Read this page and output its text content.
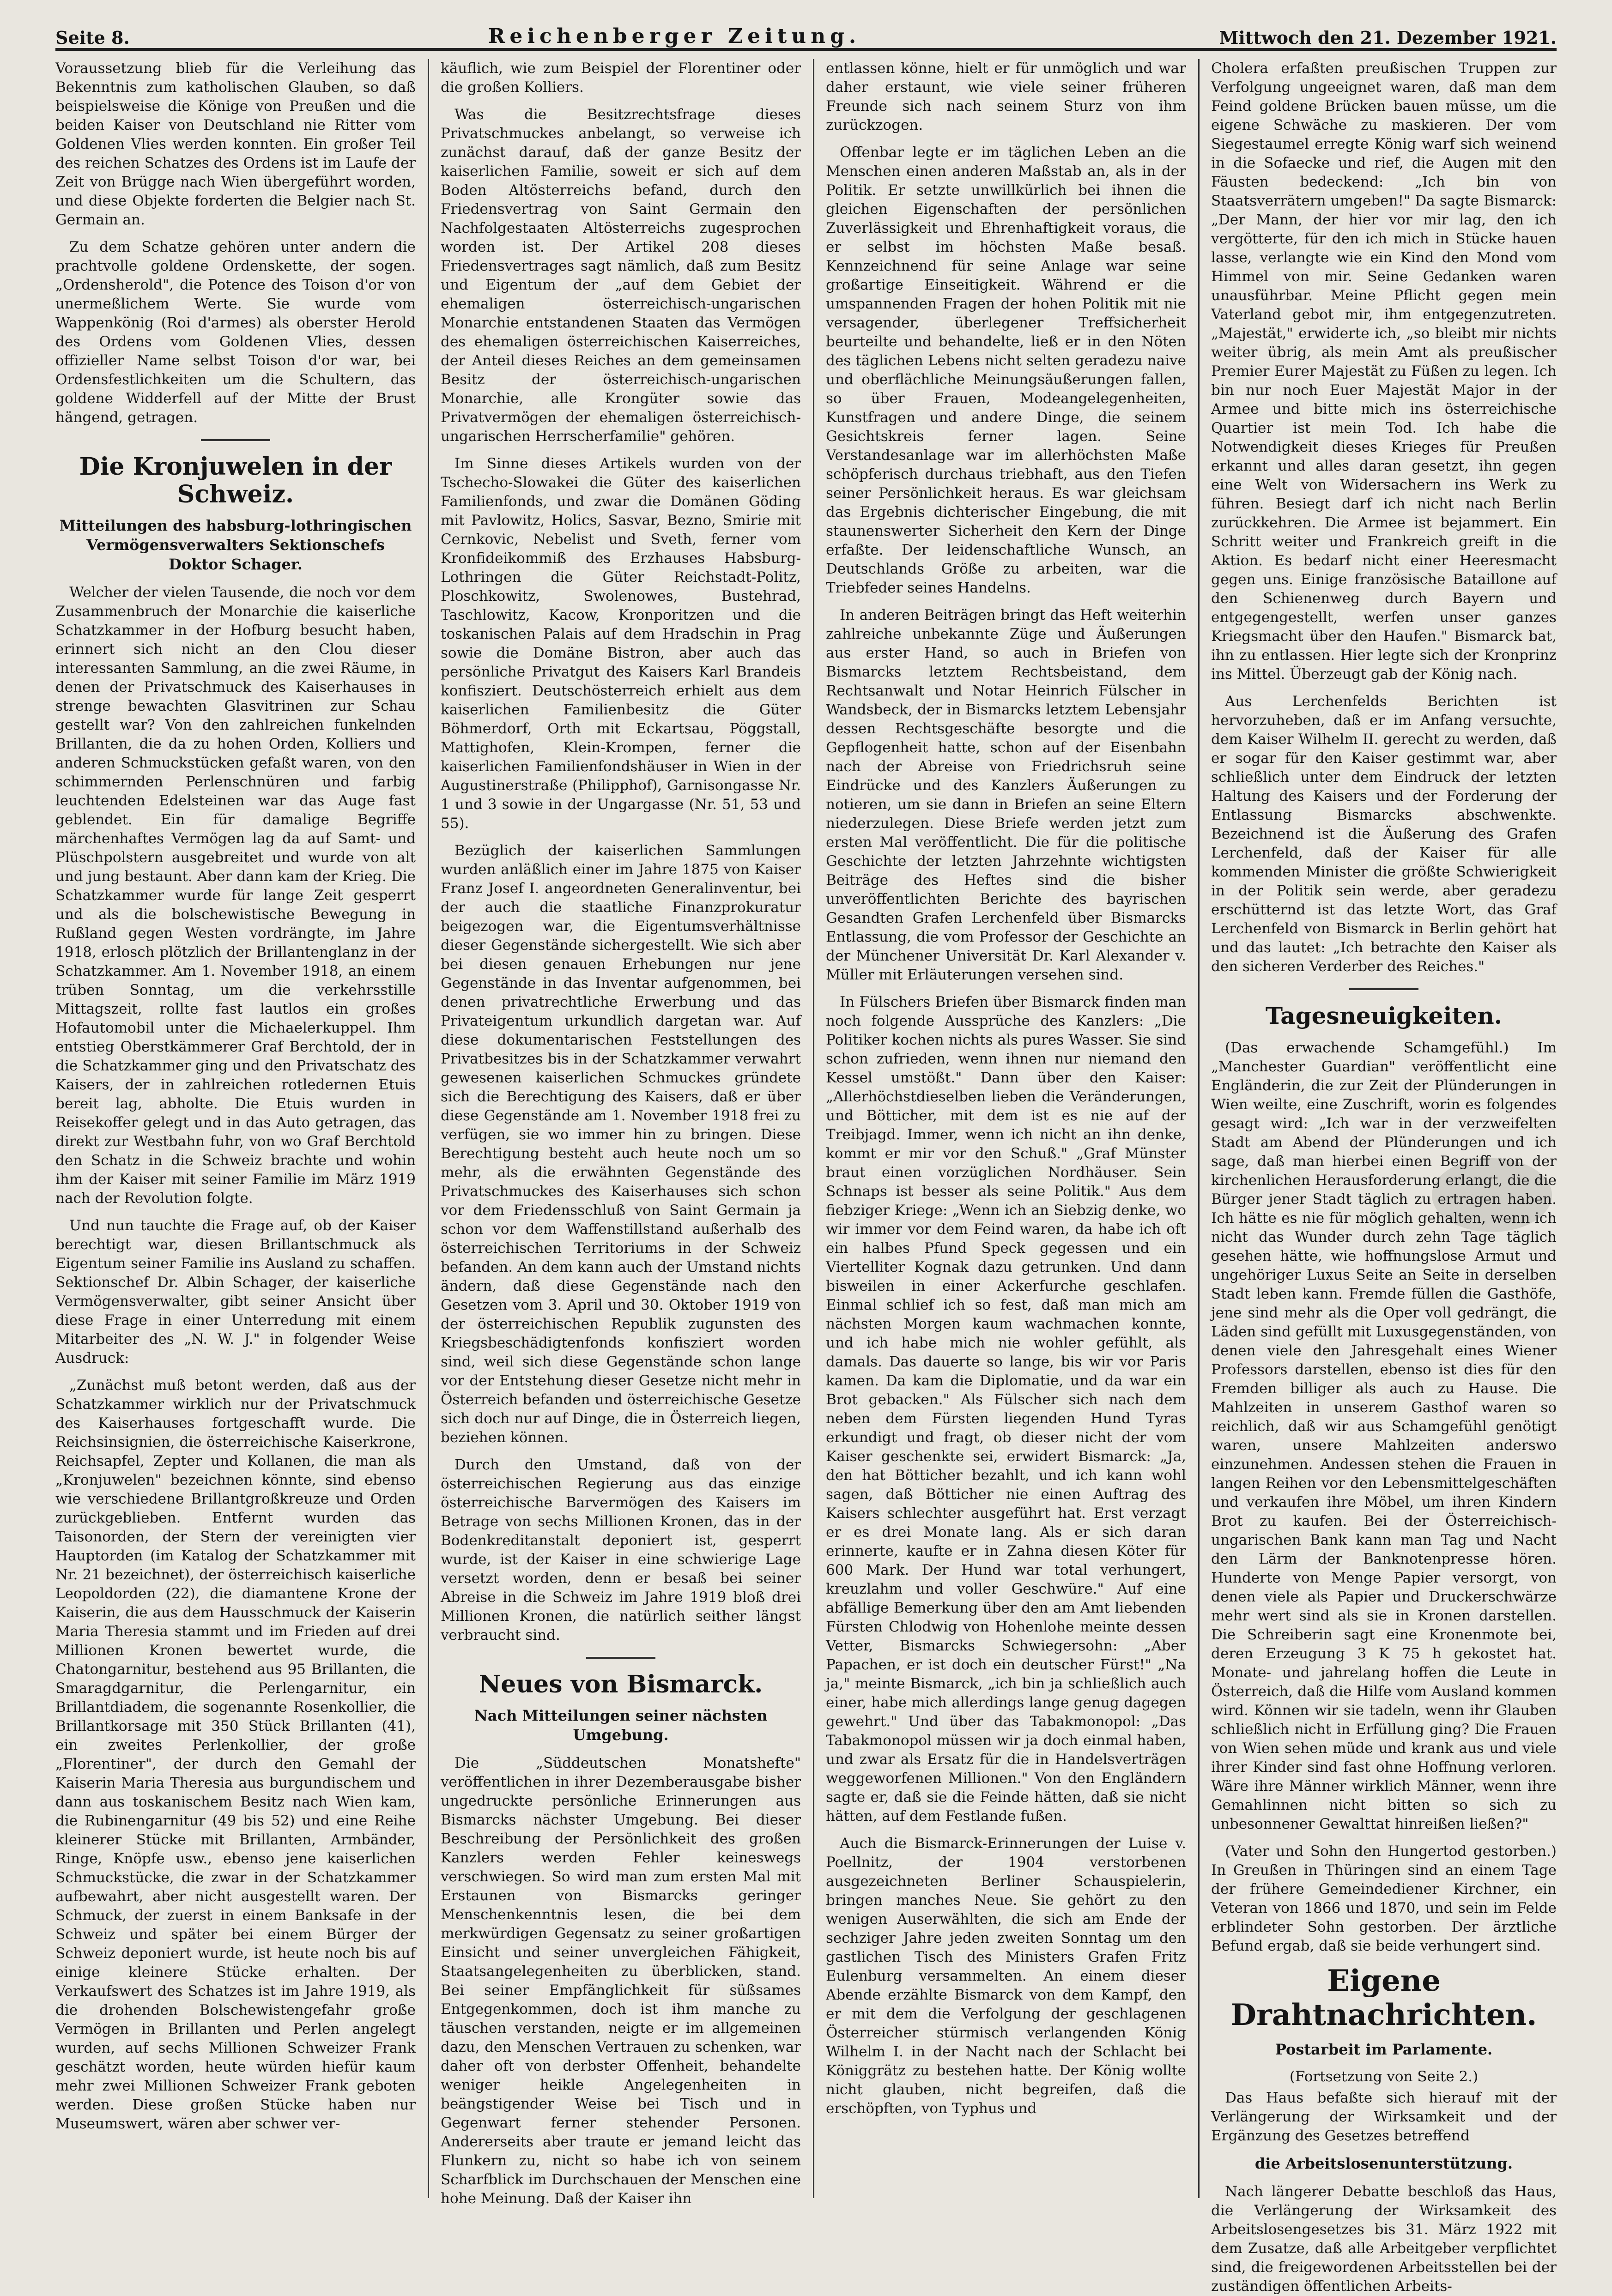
Seite 8.	Reichenberger Zeitung.	Mittwoch den 21. Dezember 1921.

Voraussetzung blieb für die Verleihung das Bekenntnis zum katholischen Glauben, so daß beispielsweise die Könige von Preußen und die beiden Kaiser von Deutschland nie Ritter vom Goldenen Vlies werden konnten. Ein großer Teil des reichen Schatzes des Ordens ist im Laufe der Zeit von Brügge nach Wien übergeführt worden, und diese Objekte forderten die Belgier nach St. Germain an.

Zu dem Schatze gehören unter andern die prachtvolle goldene Ordenskette, der sogen. „Ordensherold", die Potence des Toison d'or von unermeßlichem Werte. Sie wurde vom Wappenkönig (Roi d'armes) als oberster Herold des Ordens vom Goldenen Vlies, dessen offizieller Name selbst Toison d'or war, bei Ordensfestlichkeiten um die Schultern, das goldene Widderfell auf der Mitte der Brust hängend, getragen.

Die Kronjuwelen in der Schweiz.
Mitteilungen des habsburg-lothringischen Vermögensverwalters Sektionschefs Doktor Schager.

Welcher der vielen Tausende, die noch vor dem Zusammenbruch der Monarchie die kaiserliche Schatzkammer in der Hofburg besucht haben, erinnert sich nicht an den Clou dieser interessanten Sammlung, an die zwei Räume, in denen der Privatschmuck des Kaiserhauses in strenge bewachten Glasvitrinen zur Schau gestellt war? Von den zahlreichen funkelnden Brillanten, die da zu hohen Orden, Kolliers und anderen Schmuckstücken gefaßt waren, von den schimmernden Perlenschnüren und farbig leuchtenden Edelsteinen war das Auge fast geblendet. Ein für damalige Begriffe märchenhaftes Vermögen lag da auf Samt- und Plüschpolstern ausgebreitet und wurde von alt und jung bestaunt. Aber dann kam der Krieg. Die Schatzkammer wurde für lange Zeit gesperrt und als die bolschewistische Bewegung in Rußland gegen Westen vordrängte, im Jahre 1918, erlosch plötzlich der Brillantenglanz in der Schatzkammer. Am 1. November 1918, an einem trüben Sonntag, um die verkehrsstille Mittagszeit, rollte fast lautlos ein großes Hofautomobil unter die Michaelerkuppel. Ihm entstieg Oberstkämmerer Graf Berchtold, der in die Schatzkammer ging und den Privatschatz des Kaisers, der in zahlreichen rotledernen Etuis bereit lag, abholte. Die Etuis wurden in Reisekoffer gelegt und in das Auto getragen, das direkt zur Westbahn fuhr, von wo Graf Berchtold den Schatz in die Schweiz brachte und wohin ihm der Kaiser mit seiner Familie im März 1919 nach der Revolution folgte.

Und nun tauchte die Frage auf, ob der Kaiser berechtigt war, diesen Brillantschmuck als Eigentum seiner Familie ins Ausland zu schaffen. Sektionschef Dr. Albin Schager, der kaiserliche Vermögensverwalter, gibt seiner Ansicht über diese Frage in einer Unterredung mit einem Mitarbeiter des „N. W. J." in folgender Weise Ausdruck:

„Zunächst muß betont werden, daß aus der Schatzkammer wirklich nur der Privatschmuck des Kaiserhauses fortgeschafft wurde. Die Reichsinsignien, die österreichische Kaiserkrone, Reichsapfel, Zepter und Kollanen, die man als „Kronjuwelen" bezeichnen könnte, sind ebenso wie verschiedene Brillantgroßkreuze und Orden zurückgeblieben. Entfernt wurden das Taisonorden, der Stern der vereinigten vier Hauptorden (im Katalog der Schatzkammer mit Nr. 21 bezeichnet), der österreichisch kaiserliche Leopoldorden (22), die diamantene Krone der Kaiserin, die aus dem Hausschmuck der Kaiserin Maria Theresia stammt und im Frieden auf drei Millionen Kronen bewertet wurde, die Chatongarnitur, bestehend aus 95 Brillanten, die Smaragdgarnitur, die Perlengarnitur, ein Brillantdiadem, die sogenannte Rosenkollier, die Brillantkorsage mit 350 Stück Brillanten (41), ein zweites Perlenkollier, der große „Florentiner", der durch den Gemahl der Kaiserin Maria Theresia aus burgundischem und dann aus toskanischem Besitz nach Wien kam, die Rubinengarnitur (49 bis 52) und eine Reihe kleinerer Stücke mit Brillanten, Armbänder, Ringe, Knöpfe usw., ebenso jene kaiserlichen Schmuckstücke, die zwar in der Schatzkammer aufbewahrt, aber nicht ausgestellt waren. Der Schmuck, der zuerst in einem Banksafe in der Schweiz und später bei einem Bürger der Schweiz deponiert wurde, ist heute noch bis auf einige kleinere Stücke erhalten. Der Verkaufswert des Schatzes ist im Jahre 1919, als die drohenden Bolschewistengefahr große Vermögen in Brillanten und Perlen angelegt wurden, auf sechs Millionen Schweizer Frank geschätzt worden, heute würden hiefür kaum mehr zwei Millionen Schweizer Frank geboten werden. Diese großen Stücke haben nur Museumswert, wären aber schwer ver-

käuflich, wie zum Beispiel der Florentiner oder die großen Kolliers.

Was die Besitzrechtsfrage dieses Privatschmuckes anbelangt, so verweise ich zunächst darauf, daß der ganze Besitz der kaiserlichen Familie, soweit er sich auf dem Boden Altösterreichs befand, durch den Friedensvertrag von Saint Germain den Nachfolgestaaten Altösterreichs zugesprochen worden ist. Der Artikel 208 dieses Friedensvertrages sagt nämlich, daß zum Besitz und Eigentum der „auf dem Gebiet der ehemaligen österreichisch-ungarischen Monarchie entstandenen Staaten das Vermögen des ehemaligen österreichischen Kaiserreiches, der Anteil dieses Reiches an dem gemeinsamen Besitz der österreichisch-ungarischen Monarchie, alle Krongüter sowie das Privatvermögen der ehemaligen österreichisch-ungarischen Herrscherfamilie" gehören.

Im Sinne dieses Artikels wurden von der Tschecho-Slowakei die Güter des kaiserlichen Familienfonds, und zwar die Domänen Göding mit Pavlowitz, Holics, Sasvar, Bezno, Smirie mit Cernkovic, Nebelist und Sveth, ferner vom Kronfideikommiß des Erzhauses Habsburg-Lothringen die Güter Reichstadt-Politz, Ploschkowitz, Swolenowes, Bustehrad, Taschlowitz, Kacow, Kronporitzen und die toskanischen Palais auf dem Hradschin in Prag sowie die Domäne Bistron, aber auch das persönliche Privatgut des Kaisers Karl Brandeis konfisziert. Deutschösterreich erhielt aus dem kaiserlichen Familienbesitz die Güter Böhmerdorf, Orth mit Eckartsau, Pöggstall, Mattighofen, Klein-Krompen, ferner die kaiserlichen Familienfondshäuser in Wien in der Augustinerstraße (Philipphof), Garnisongasse Nr. 1 und 3 sowie in der Ungargasse (Nr. 51, 53 und 55).

Bezüglich der kaiserlichen Sammlungen wurden anläßlich einer im Jahre 1875 von Kaiser Franz Josef I. angeordneten Generalinventur, bei der auch die staatliche Finanzprokuratur beigezogen war, die Eigentumsverhältnisse dieser Gegenstände sichergestellt. Wie sich aber bei diesen genauen Erhebungen nur jene Gegenstände in das Inventar aufgenommen, bei denen privatrechtliche Erwerbung und das Privateigentum urkundlich dargetan war. Auf diese dokumentarischen Feststellungen des Privatbesitzes bis in der Schatzkammer verwahrt gewesenen kaiserlichen Schmuckes gründete sich die Berechtigung des Kaisers, daß er über diese Gegenstände am 1. November 1918 frei zu verfügen, sie wo immer hin zu bringen. Diese Berechtigung besteht auch heute noch um so mehr, als die erwähnten Gegenstände des Privatschmuckes des Kaiserhauses sich schon vor dem Friedensschluß von Saint Germain ja schon vor dem Waffenstillstand außerhalb des österreichischen Territoriums in der Schweiz befanden. An dem kann auch der Umstand nichts ändern, daß diese Gegenstände nach den Gesetzen vom 3. April und 30. Oktober 1919 von der österreichischen Republik zugunsten des Kriegsbeschädigtenfonds konfisziert worden sind, weil sich diese Gegenstände schon lange vor der Entstehung dieser Gesetze nicht mehr in Österreich befanden und österreichische Gesetze sich doch nur auf Dinge, die in Österreich liegen, beziehen können.

Durch den Umstand, daß von der österreichischen Regierung aus das einzige österreichische Barvermögen des Kaisers im Betrage von sechs Millionen Kronen, das in der Bodenkreditanstalt deponiert ist, gesperrt wurde, ist der Kaiser in eine schwierige Lage versetzt worden, denn er besaß bei seiner Abreise in die Schweiz im Jahre 1919 bloß drei Millionen Kronen, die natürlich seither längst verbraucht sind.

Neues von Bismarck.
Nach Mitteilungen seiner nächsten Umgebung.

Die „Süddeutschen Monatshefte" veröffentlichen in ihrer Dezemberausgabe bisher ungedruckte persönliche Erinnerungen aus Bismarcks nächster Umgebung. Bei dieser Beschreibung der Persönlichkeit des großen Kanzlers werden Fehler keineswegs verschwiegen. So wird man zum ersten Mal mit Erstaunen von Bismarcks geringer Menschenkenntnis lesen, die bei dem merkwürdigen Gegensatz zu seiner großartigen Einsicht und seiner unvergleichen Fähigkeit, Staatsangelegenheiten zu überblicken, stand. Bei seiner Empfänglichkeit für süßsames Entgegenkommen, doch ist ihm manche zu täuschen verstanden, neigte er im allgemeinen dazu, den Menschen Vertrauen zu schenken, war daher oft von derbster Offenheit, behandelte weniger heikle Angelegenheiten in beängstigender Weise bei Tisch und in Gegenwart ferner stehender Personen. Andererseits aber traute er jemand leicht das Flunkern zu, nicht so habe ich von seinem Scharfblick im Durchschauen der Menschen eine hohe Meinung. Daß der Kaiser ihn

entlassen könne, hielt er für unmöglich und war daher erstaunt, wie viele seiner früheren Freunde sich nach seinem Sturz von ihm zurückzogen.

Offenbar legte er im täglichen Leben an die Menschen einen anderen Maßstab an, als in der Politik. Er setzte unwillkürlich bei ihnen die gleichen Eigenschaften der persönlichen Zuverlässigkeit und Ehrenhaftigkeit voraus, die er selbst im höchsten Maße besaß. Kennzeichnend für seine Anlage war seine großartige Einseitigkeit. Während er die umspannenden Fragen der hohen Politik mit nie versagender, überlegener Treffsicherheit beurteilte und behandelte, ließ er in den Nöten des täglichen Lebens nicht selten geradezu naive und oberflächliche Meinungsäußerungen fallen, so über Frauen, Modeangelegenheiten, Kunstfragen und andere Dinge, die seinem Gesichtskreis ferner lagen. Seine Verstandesanlage war im allerhöchsten Maße schöpferisch durchaus triebhaft, aus den Tiefen seiner Persönlichkeit heraus. Es war gleichsam das Ergebnis dichterischer Eingebung, die mit staunenswerter Sicherheit den Kern der Dinge erfaßte. Der leidenschaftliche Wunsch, an Deutschlands Größe zu arbeiten, war die Triebfeder seines Handelns.

In anderen Beiträgen bringt das Heft weiterhin zahlreiche unbekannte Züge und Äußerungen aus erster Hand, so auch in Briefen von Bismarcks letztem Rechtsbeistand, dem Rechtsanwalt und Notar Heinrich Fülscher in Wandsbeck, der in Bismarcks letztem Lebensjahr dessen Rechtsgeschäfte besorgte und die Gepflogenheit hatte, schon auf der Eisenbahn nach der Abreise von Friedrichsruh seine Eindrücke und des Kanzlers Äußerungen zu notieren, um sie dann in Briefen an seine Eltern niederzulegen. Diese Briefe werden jetzt zum ersten Mal veröffentlicht. Die für die politische Geschichte der letzten Jahrzehnte wichtigsten Beiträge des Heftes sind die bisher unveröffentlichten Berichte des bayrischen Gesandten Grafen Lerchenfeld über Bismarcks Entlassung, die vom Professor der Geschichte an der Münchener Universität Dr. Karl Alexander v. Müller mit Erläuterungen versehen sind.

In Fülschers Briefen über Bismarck finden man noch folgende Aussprüche des Kanzlers: „Die Politiker kochen nichts als pures Wasser. Sie sind schon zufrieden, wenn ihnen nur niemand den Kessel umstößt." Dann über den Kaiser: „Allerhöchstdieselben lieben die Veränderungen, und Bötticher, mit dem ist es nie auf der Treibjagd. Immer, wenn ich nicht an ihn denke, kommt er mir vor den Schuß." „Graf Münster braut einen vorzüglichen Nordhäuser. Sein Schnaps ist besser als seine Politik." Aus dem fiebziger Kriege: „Wenn ich an Siebzig denke, wo wir immer vor dem Feind waren, da habe ich oft ein halbes Pfund Speck gegessen und ein Viertelliter Kognak dazu getrunken. Und dann bisweilen in einer Ackerfurche geschlafen. Einmal schlief ich so fest, daß man mich am nächsten Morgen kaum wachmachen konnte, und ich habe mich nie wohler gefühlt, als damals. Das dauerte so lange, bis wir vor Paris kamen. Da kam die Diplomatie, und da war ein Brot gebacken." Als Fülscher sich nach dem neben dem Fürsten liegenden Hund Tyras erkundigt und fragt, ob dieser nicht der vom Kaiser geschenkte sei, erwidert Bismarck: „Ja, den hat Bötticher bezahlt, und ich kann wohl sagen, daß Bötticher nie einen Auftrag des Kaisers schlechter ausgeführt hat. Erst verzagt er es drei Monate lang. Als er sich daran erinnerte, kaufte er in Zahna diesen Köter für 600 Mark. Der Hund war total verhungert, kreuzlahm und voller Geschwüre." Auf eine abfällige Bemerkung über den am Amt liebenden Fürsten Chlodwig von Hohenlohe meinte dessen Vetter, Bismarcks Schwiegersohn: „Aber Papachen, er ist doch ein deutscher Fürst!" „Na ja," meinte Bismarck, „ich bin ja schließlich auch einer, habe mich allerdings lange genug dagegen gewehrt." Und über das Tabakmonopol: „Das Tabakmonopol müssen wir ja doch einmal haben, und zwar als Ersatz für die in Handelsverträgen weggeworfenen Millionen." Von den Engländern sagte er, daß sie die Feinde hätten, daß sie nicht hätten, auf dem Festlande fußen.

Auch die Bismarck-Erinnerungen der Luise v. Poellnitz, der 1904 verstorbenen ausgezeichneten Berliner Schauspielerin, bringen manches Neue. Sie gehört zu den wenigen Auserwählten, die sich am Ende der sechziger Jahre jeden zweiten Sonntag um den gastlichen Tisch des Ministers Grafen Fritz Eulenburg versammelten. An einem dieser Abende erzählte Bismarck von dem Kampf, den er mit dem die Verfolgung der geschlagenen Österreicher stürmisch verlangenden König Wilhelm I. in der Nacht nach der Schlacht bei Königgrätz zu bestehen hatte. Der König wollte nicht glauben, nicht begreifen, daß die erschöpften, von Typhus und

Cholera erfaßten preußischen Truppen zur Verfolgung ungeeignet waren, daß man dem Feind goldene Brücken bauen müsse, um die eigene Schwäche zu maskieren. Der vom Siegestaumel erregte König warf sich weinend in die Sofaecke und rief, die Augen mit den Fäusten bedeckend: „Ich bin von Staatsverrätern umgeben!" Da sagte Bismarck: „Der Mann, der hier vor mir lag, den ich vergötterte, für den ich mich in Stücke hauen lasse, verlangte wie ein Kind den Mond vom Himmel von mir. Seine Gedanken waren unausführbar. Meine Pflicht gegen mein Vaterland gebot mir, ihm entgegenzutreten. „Majestät," erwiderte ich, „so bleibt mir nichts weiter übrig, als mein Amt als preußischer Premier Eurer Majestät zu Füßen zu legen. Ich bin nur noch Euer Majestät Major in der Armee und bitte mich ins österreichische Quartier ist mein Tod. Ich habe die Notwendigkeit dieses Krieges für Preußen erkannt und alles daran gesetzt, ihn gegen eine Welt von Widersachern ins Werk zu führen. Besiegt darf ich nicht nach Berlin zurückkehren. Die Armee ist bejammert. Ein Schritt weiter und Frankreich greift in die Aktion. Es bedarf nicht einer Heeresmacht gegen uns. Einige französische Bataillone auf den Schienenweg durch Bayern und entgegengestellt, werfen unser ganzes Kriegsmacht über den Haufen." Bismarck bat, ihn zu entlassen. Hier legte sich der Kronprinz ins Mittel. Überzeugt gab der König nach.

Aus Lerchenfelds Berichten ist hervorzuheben, daß er im Anfang versuchte, dem Kaiser Wilhelm II. gerecht zu werden, daß er sogar für den Kaiser gestimmt war, aber schließlich unter dem Eindruck der letzten Haltung des Kaisers und der Forderung der Entlassung Bismarcks abschwenkte. Bezeichnend ist die Äußerung des Grafen Lerchenfeld, daß der Kaiser für alle kommenden Minister die größte Schwierigkeit in der Politik sein werde, aber geradezu erschütternd ist das letzte Wort, das Graf Lerchenfeld von Bismarck in Berlin gehört hat und das lautet: „Ich betrachte den Kaiser als den sicheren Verderber des Reiches."

Tagesneuigkeiten.

(Das erwachende Schamgefühl.) Im „Manchester Guardian" veröffentlicht eine Engländerin, die zur Zeit der Plünderungen in Wien weilte, eine Zuschrift, worin es folgendes gesagt wird: „Ich war in der verzweifelten Stadt am Abend der Plünderungen und ich sage, daß man hierbei einen Begriff von der kirchenlichen Herausforderung erlangt, die die Bürger jener Stadt täglich zu ertragen haben. Ich hätte es nie für möglich gehalten, wenn ich nicht das Wunder durch zehn Tage täglich gesehen hätte, wie hoffnungslose Armut und ungehöriger Luxus Seite an Seite in derselben Stadt leben kann. Fremde füllen die Gasthöfe, jene sind mehr als die Oper voll gedrängt, die Läden sind gefüllt mit Luxusgegenständen, von denen viele den Jahresgehalt eines Wiener Professors darstellen, ebenso ist dies für den Fremden billiger als auch zu Hause. Die Mahlzeiten in unserem Gasthof waren so reichlich, daß wir aus Schamgefühl genötigt waren, unsere Mahlzeiten anderswo einzunehmen. Andessen stehen die Frauen in langen Reihen vor den Lebensmittelgeschäften und verkaufen ihre Möbel, um ihren Kindern Brot zu kaufen. Bei der Österreichisch-ungarischen Bank kann man Tag und Nacht den Lärm der Banknotenpresse hören. Hunderte von Menge Papier versorgt, von denen viele als Papier und Druckerschwärze mehr wert sind als sie in Kronen darstellen. Die Schreiberin sagt eine Kronenmote bei, deren Erzeugung 3 K 75 h gekostet hat. Monate- und jahrelang hoffen die Leute in Österreich, daß die Hilfe vom Ausland kommen wird. Können wir sie tadeln, wenn ihr Glauben schließlich nicht in Erfüllung ging? Die Frauen von Wien sehen müde und krank aus und viele ihrer Kinder sind fast ohne Hoffnung verloren. Wäre ihre Männer wirklich Männer, wenn ihre Gemahlinnen nicht bitten so sich zu unbesonnener Gewalttat hinreißen ließen?"

(Vater und Sohn den Hungertod gestorben.) In Greußen in Thüringen sind an einem Tage der frühere Gemeindediener Kirchner, ein Veteran von 1866 und 1870, und sein im Felde erblindeter Sohn gestorben. Der ärztliche Befund ergab, daß sie beide verhungert sind.

Eigene Drahtnachrichten.
Postarbeit im Parlamente.
(Fortsetzung von Seite 2.)

Das Haus befaßte sich hierauf mit der Verlängerung der Wirksamkeit und der Ergänzung des Gesetzes betreffend

die Arbeitslosenunterstützung.

Nach längerer Debatte beschloß das Haus, die Verlängerung der Wirksamkeit des Arbeitslosengesetzes bis 31. März 1922 mit dem Zusatze, daß alle Arbeitgeber verpflichtet sind, die freigewordenen Arbeitsstellen bei der zuständigen öffentlichen Arbeits-
